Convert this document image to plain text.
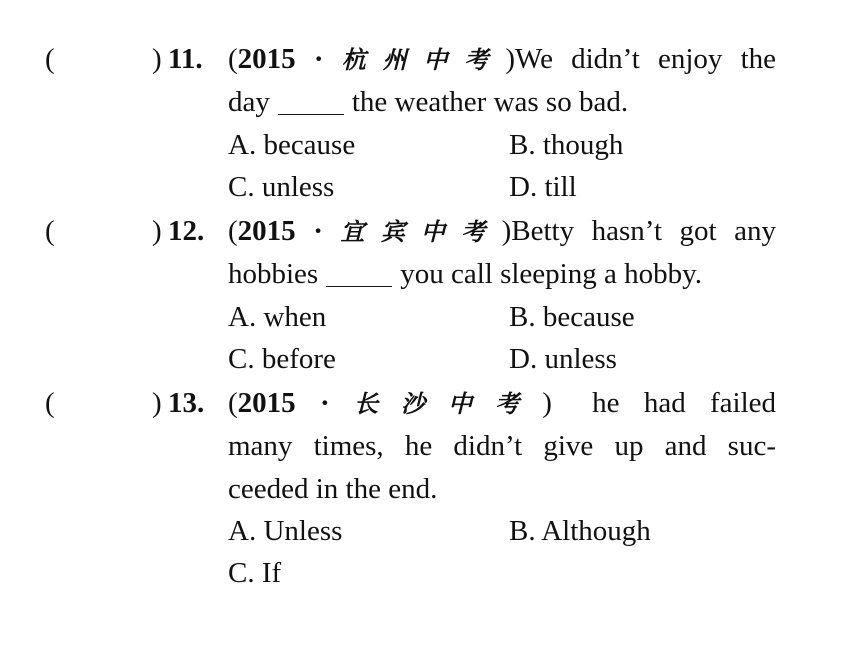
(	) 11. (2015 · 杭州中考)We didn’t enjoy the
day	the weather was so bad.
A. because	B. though
C. unless	D. till
(	) 12. (2015 · 宜宾中考)Betty hasn’t got any
hobbies	you call sleeping a hobby.
A. when	B. because
C. before	D. unless
(	) 13. (2015 · 长沙中考) he had failed
many times, he didn’t give up and suc-
ceeded in the end.
A. Unless	B. Although
C. If
